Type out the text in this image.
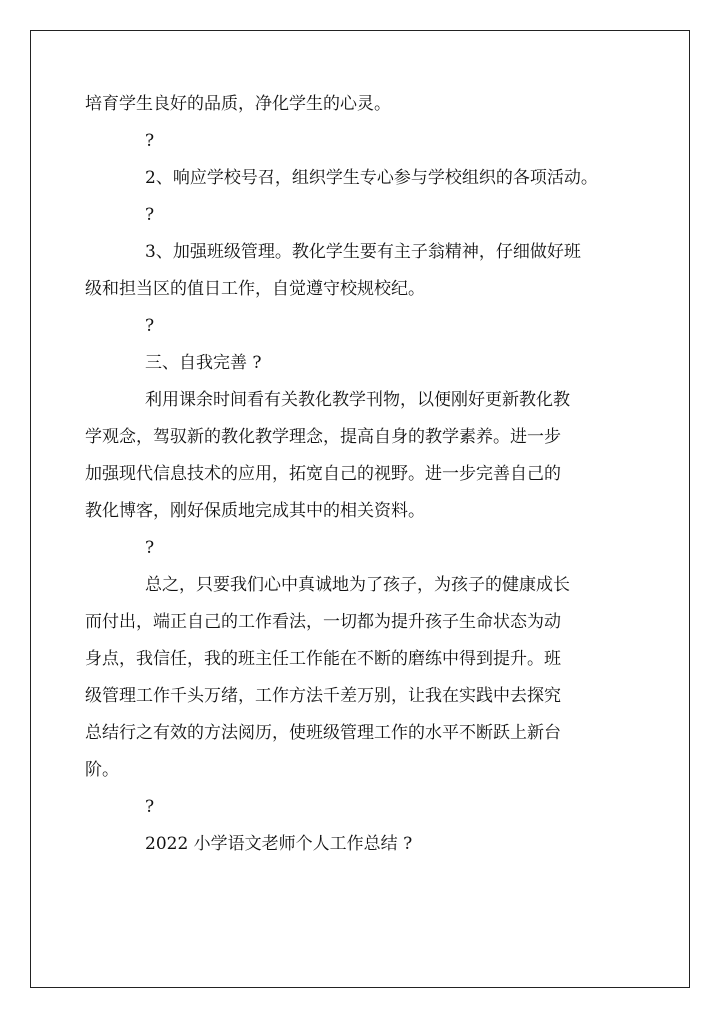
培育学生良好的品质，净化学生的心灵。
?
2、响应学校号召，组织学生专心参与学校组织的各项活动。
?
3、加强班级管理。教化学生要有主子翁精神，仔细做好班
级和担当区的值日工作，自觉遵守校规校纪。
?
三、自我完善 ?
利用课余时间看有关教化教学刊物，以便刚好更新教化教
学观念，驾驭新的教化教学理念，提高自身的教学素养。进一步
加强现代信息技术的应用，拓宽自己的视野。进一步完善自己的
教化博客，刚好保质地完成其中的相关资料。
?
总之，只要我们心中真诚地为了孩子，为孩子的健康成长
而付出，端正自己的工作看法，一切都为提升孩子生命状态为动
身点，我信任，我的班主任工作能在不断的磨练中得到提升。班
级管理工作千头万绪，工作方法千差万别，让我在实践中去探究
总结行之有效的方法阅历，使班级管理工作的水平不断跃上新台
阶。
?
2022 小学语文老师个人工作总结 ?
